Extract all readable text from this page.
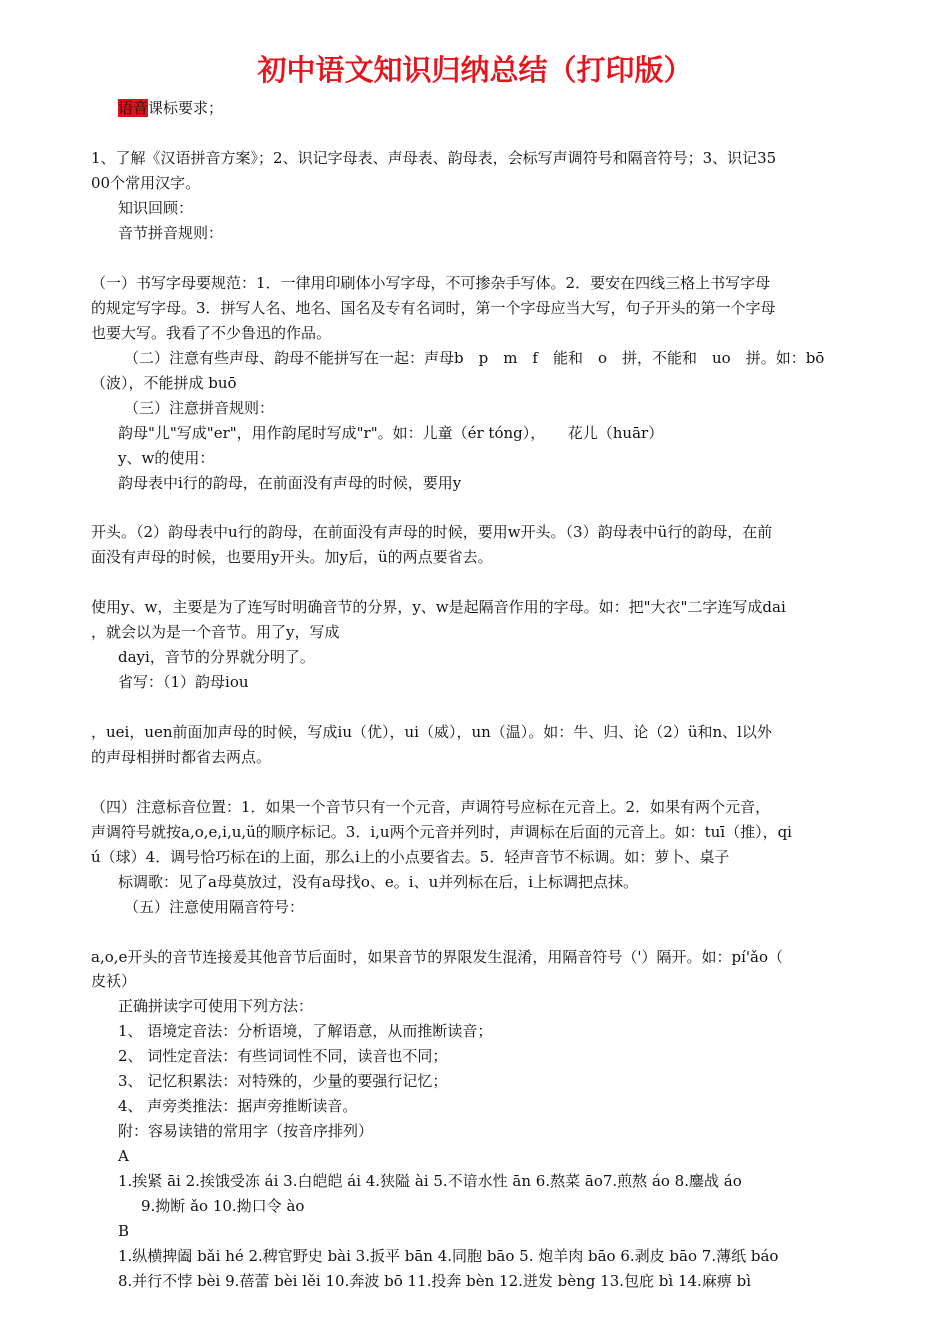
初中语文知识归纳总结（打印版）
语音课标要求；
1、了解《汉语拼音方案》；2、识记字母表、声母表、韵母表，会标写声调符号和隔音符号；3、识记35
00个常用汉字。
知识回顾：
音节拼音规则：
（一）书写字母要规范：1．一律用印刷体小写字母，不可掺杂手写体。2．要安在四线三格上书写字母
的规定写字母。3．拼写人名、地名、国名及专有名词时，第一个字母应当大写，句子开头的第一个字母
也要大写。我看了不少鲁迅的作品。
（二）注意有些声母、韵母不能拼写在一起：声母b　p　m　f　能和　o　拼，不能和　uo　拼。如：bō
（波），不能拼成 buō
（三）注意拼音规则：
韵母"儿"写成"er"，用作韵尾时写成"r"。如：儿童（ér tóng），　　花儿（huār）
y、w的使用：
韵母表中i行的韵母，在前面没有声母的时候，要用y
开头。（2）韵母表中u行的韵母，在前面没有声母的时候，要用w开头。（3）韵母表中ü行的韵母，在前
面没有声母的时候，也要用y开头。加y后，ü的两点要省去。
使用y、w，主要是为了连写时明确音节的分界，y、w是起隔音作用的字母。如：把"大衣"二字连写成dai
，就会以为是一个音节。用了y，写成
dayi，音节的分界就分明了。
省写：（1）韵母iou
，uei，uen前面加声母的时候，写成iu（优），ui（威），un（温）。如：牛、归、论（2）ü和n、l以外
的声母相拼时都省去两点。
（四）注意标音位置：1．如果一个音节只有一个元音，声调符号应标在元音上。2．如果有两个元音，
声调符号就按a,o,e,i,u,ü的顺序标记。3．i,u两个元音并列时，声调标在后面的元音上。如：tuī（推），qi
ú（球）4．调号恰巧标在i的上面，那么i上的小点要省去。5．轻声音节不标调。如：萝卜、桌子
标调歌：见了a母莫放过，没有a母找o、e。i、u并列标在后，i上标调把点抹。
（五）注意使用隔音符号：
a,o,e开头的音节连接爰其他音节后面时，如果音节的界限发生混淆，用隔音符号（'）隔开。如：pí'ǎo（
皮袄）
正确拼读字可使用下列方法：
1、 语境定音法：分析语境，了解语意，从而推断读音；
2、 词性定音法：有些词词性不同，读音也不同；
3、 记忆积累法：对特殊的，少量的要强行记忆；
4、 声旁类推法：据声旁推断读音。
附：容易读错的常用字（按音序排列）
A
1.挨紧 āi 2.挨饿受冻 ái 3.白皑皑 ái 4.狭隘 ài 5.不谙水性 ān 6.熬菜 āo7.煎熬 áo 8.鏖战 áo
9.拗断 ǎo 10.拗口令 ào
B
1.纵横捭阖 bǎi hé 2.稗官野史 bài 3.扳平 bān 4.同胞 bāo 5. 炮羊肉 bāo 6.剥皮 bāo 7.薄纸 báo
8.并行不悖 bèi 9.蓓蕾 bèi lěi 10.奔波 bō 11.投奔 bèn 12.迸发 bèng 13.包庇 bì 14.麻痹 bì
